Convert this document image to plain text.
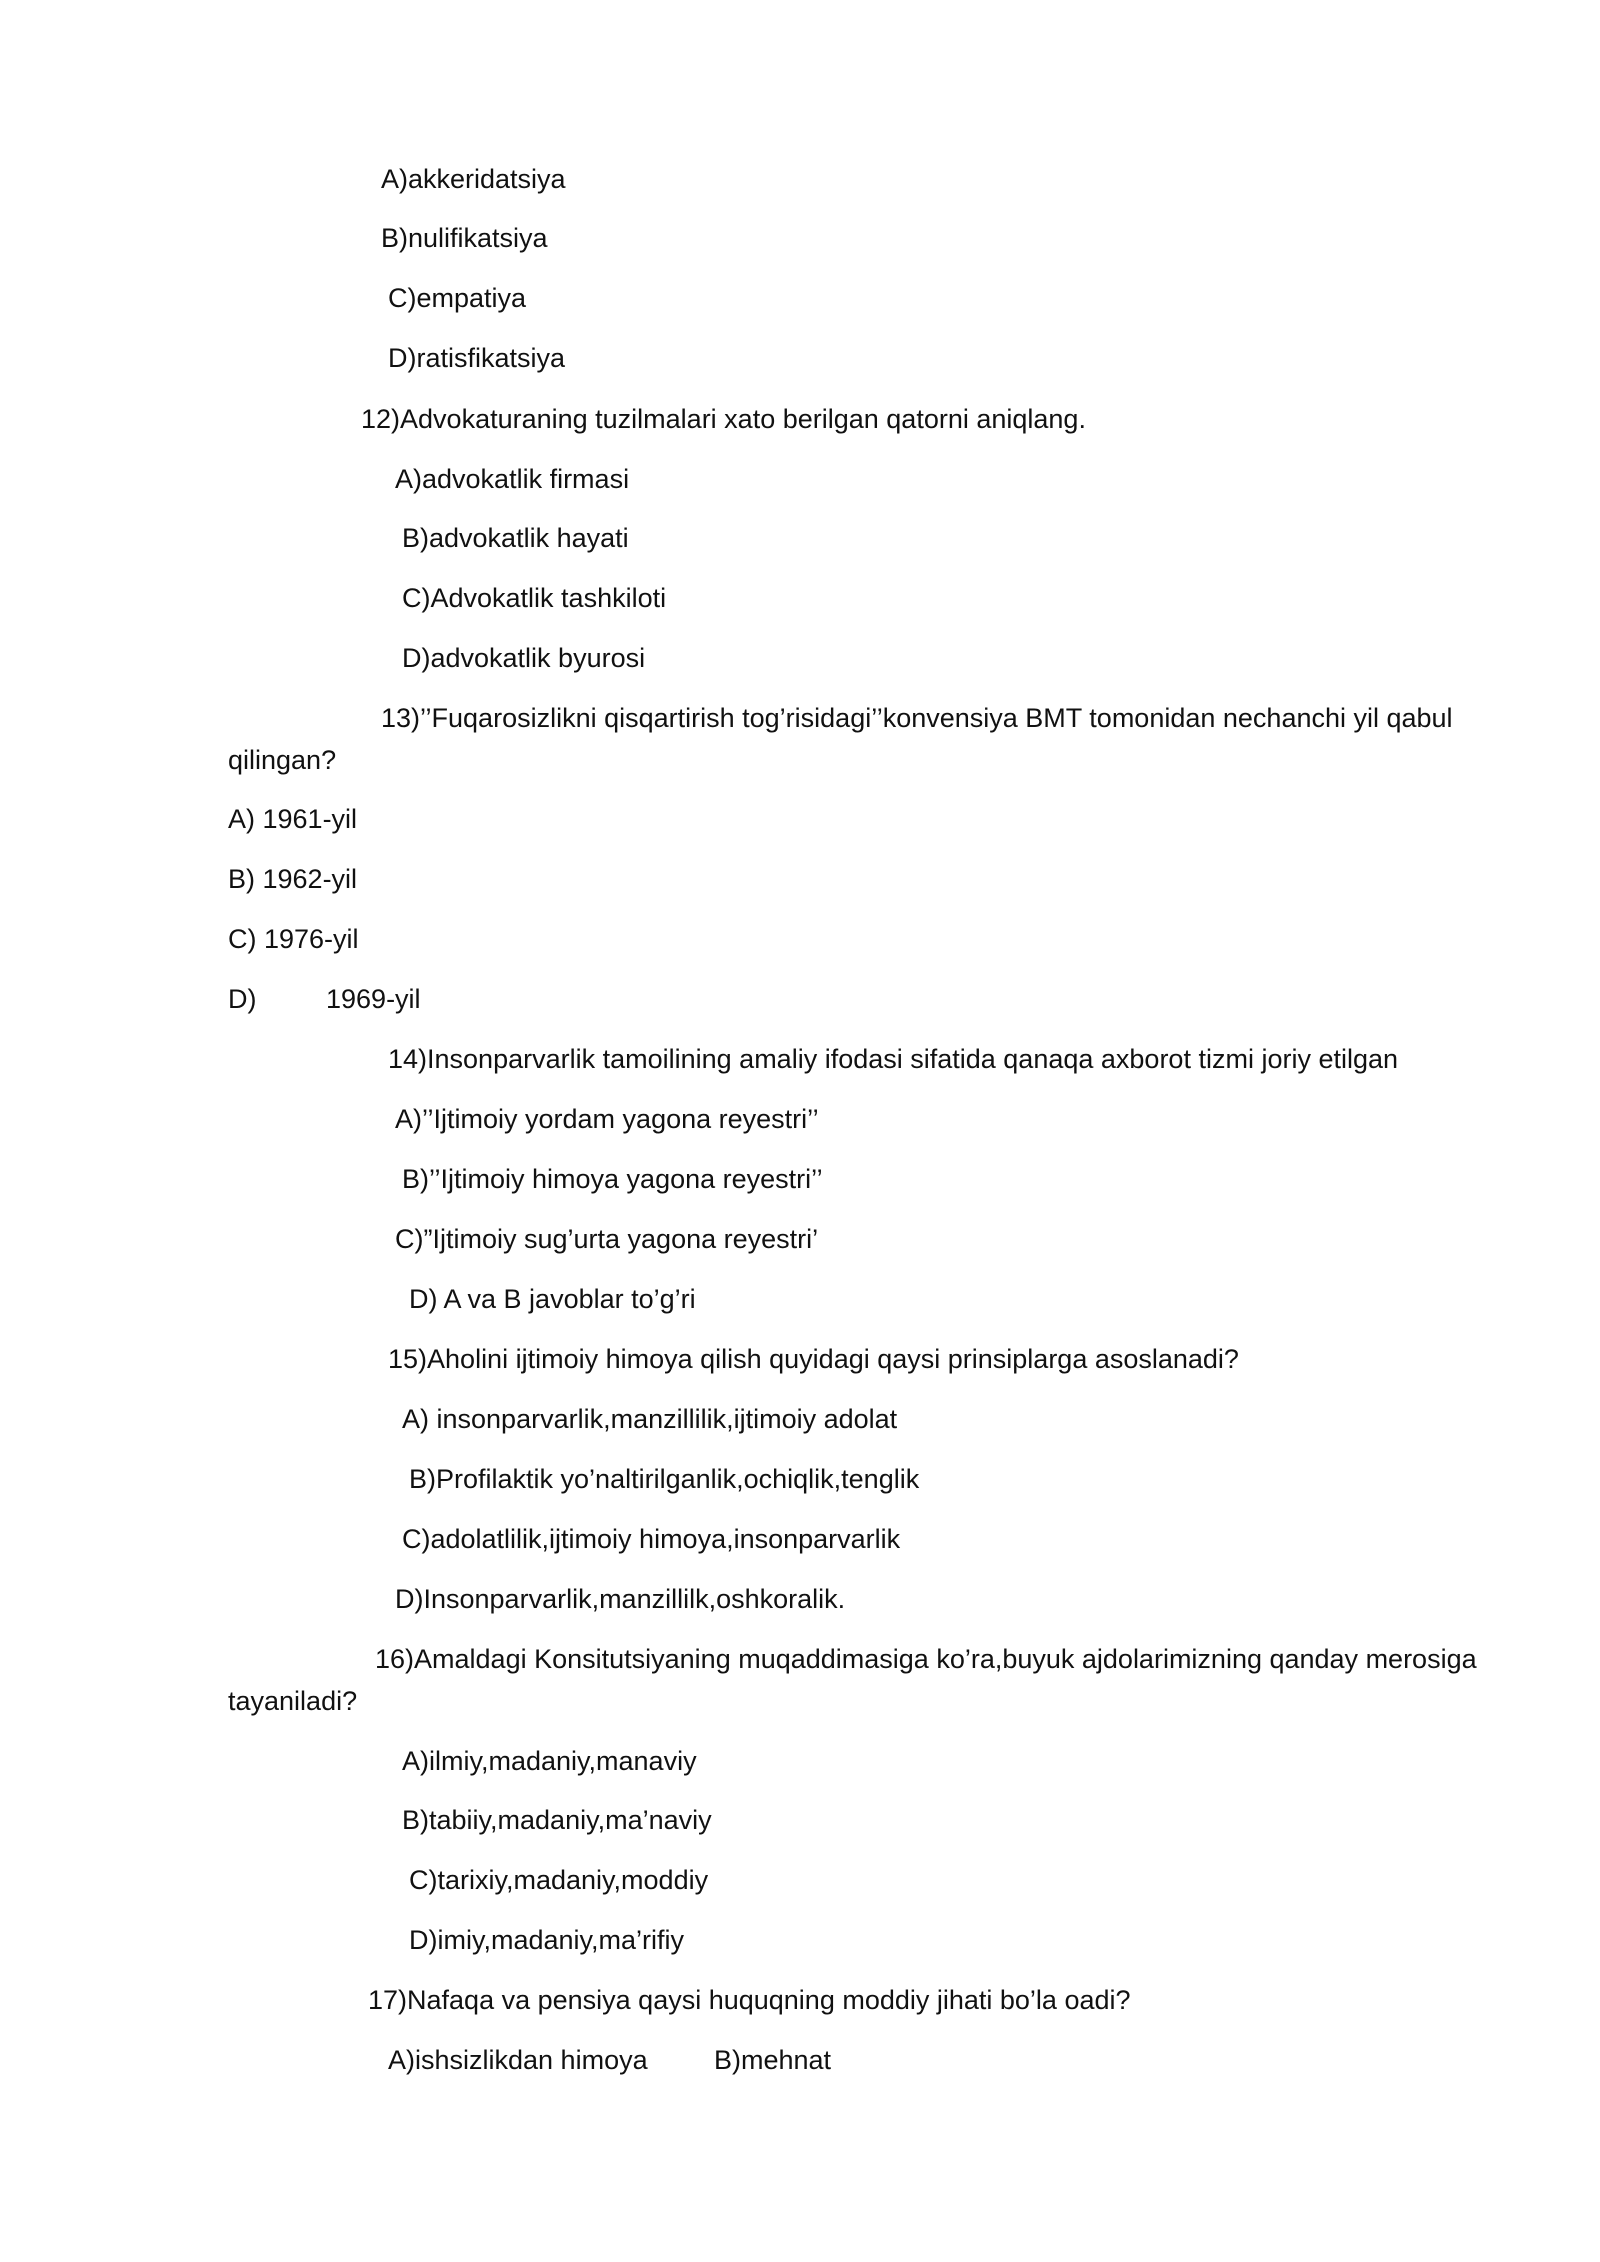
A)akkeridatsiya

B)nulifikatsiya

C)empatiya

D)ratisfikatsiya

12)Advokaturaning tuzilmalari xato berilgan qatorni aniqlang.

A)advokatlik firmasi

B)advokatlik hayati

C)Advokatlik tashkiloti

D)advokatlik byurosi

13)’’Fuqarosizlikni qisqartirish tog’risidagi’’konvensiya BMT tomonidan nechanchi yil qabul

qilingan?

A) 1961-yil

B) 1962-yil

C) 1976-yil

D)	1969-yil

14)Insonparvarlik tamoilining amaliy ifodasi sifatida qanaqa axborot tizmi joriy etilgan

A)’’Ijtimoiy yordam yagona reyestri’’

B)’’Ijtimoiy himoya yagona reyestri’’

C)”Ijtimoiy sug’urta yagona reyestri’

D) A va B javoblar to’g’ri

15)Aholini ijtimoiy himoya qilish quyidagi qaysi prinsiplarga asoslanadi?

A) insonparvarlik,manzillilik,ijtimoiy adolat

B)Profilaktik yo’naltirilganlik,ochiqlik,tenglik

C)adolatlilik,ijtimoiy himoya,insonparvarlik

D)Insonparvarlik,manzillilk,oshkoralik.

16)Amaldagi Konsitutsiyaning muqaddimasiga ko’ra,buyuk ajdolarimizning qanday merosiga

tayaniladi?

A)ilmiy,madaniy,manaviy

B)tabiiy,madaniy,ma’naviy

C)tarixiy,madaniy,moddiy

D)imiy,madaniy,ma’rifiy

17)Nafaqa va pensiya qaysi huquqning moddiy jihati bo’la oadi?

A)ishsizlikdan himoya B)mehnat
